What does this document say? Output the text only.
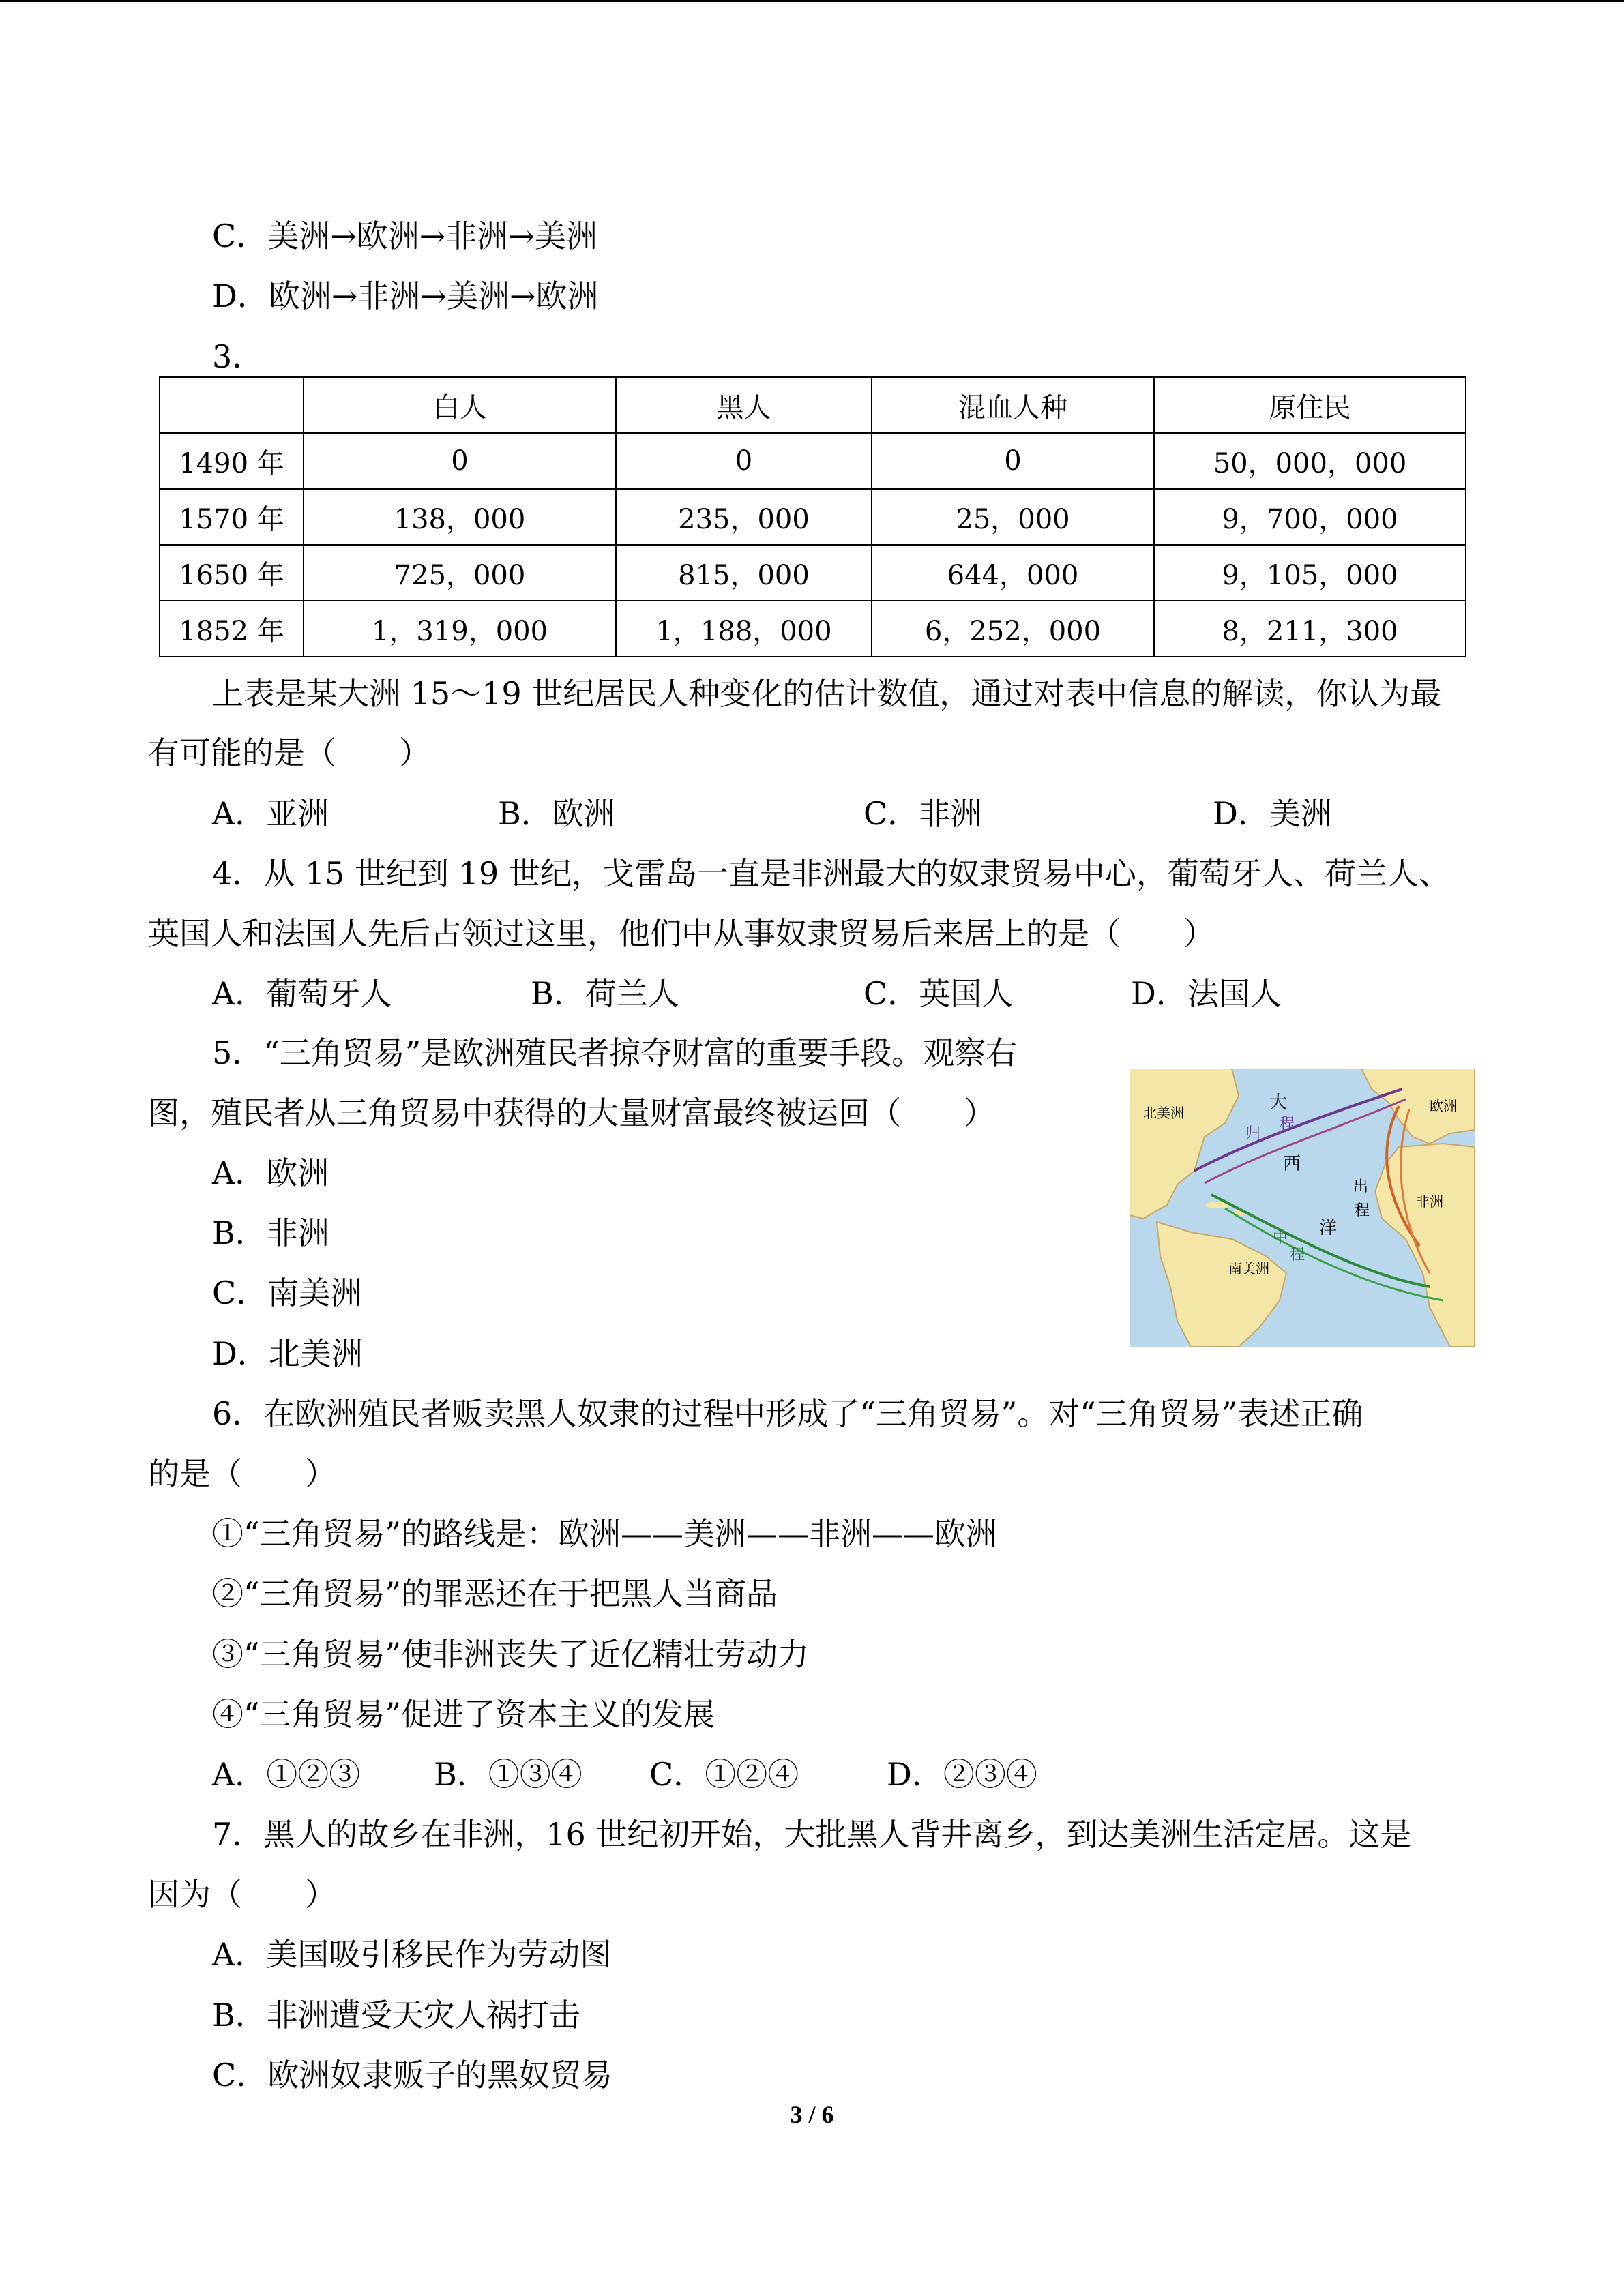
C．美洲→欧洲→非洲→美洲
D．欧洲→非洲→美洲→欧洲
3．
	白人	黑人	混血人种	原住民
1490 年	0	0	0	50，000，000
1570 年	138，000	235，000	25，000	9，700，000
1650 年	725，000	815，000	644，000	9，105，000
1852 年	1，319，000	1，188，000	6，252，000	8，211，300
上表是某大洲 15～19 世纪居民人种变化的估计数值，通过对表中信息的解读，你认为最
有可能的是（　　）
A．亚洲	B．欧洲	C．非洲	D．美洲
4．从 15 世纪到 19 世纪，戈雷岛一直是非洲最大的奴隶贸易中心，葡萄牙人、荷兰人、
英国人和法国人先后占领过这里，他们中从事奴隶贸易后来居上的是（　　）
A．葡萄牙人	B．荷兰人	C．英国人	D．法国人
5．“三角贸易”是欧洲殖民者掠夺财富的重要手段。观察右
图，殖民者从三角贸易中获得的大量财富最终被运回（　　）
A．欧洲
B．非洲
C．南美洲
D．北美洲
北美洲	欧洲
非洲
南美洲
大
西
洋
归
程
出
程
中
程
6．在欧洲殖民者贩卖黑人奴隶的过程中形成了“三角贸易”。对“三角贸易”表述正确
的是（　　）
①“三角贸易”的路线是：欧洲——美洲——非洲——欧洲
②“三角贸易”的罪恶还在于把黑人当商品
③“三角贸易”使非洲丧失了近亿精壮劳动力
④“三角贸易”促进了资本主义的发展
A．①②③ B．①③④ C．①②④	D．②③④
7．黑人的故乡在非洲，16 世纪初开始，大批黑人背井离乡，到达美洲生活定居。这是
因为（　　）
A．美国吸引移民作为劳动图
B．非洲遭受天灾人祸打击
C．欧洲奴隶贩子的黑奴贸易
3 / 6
